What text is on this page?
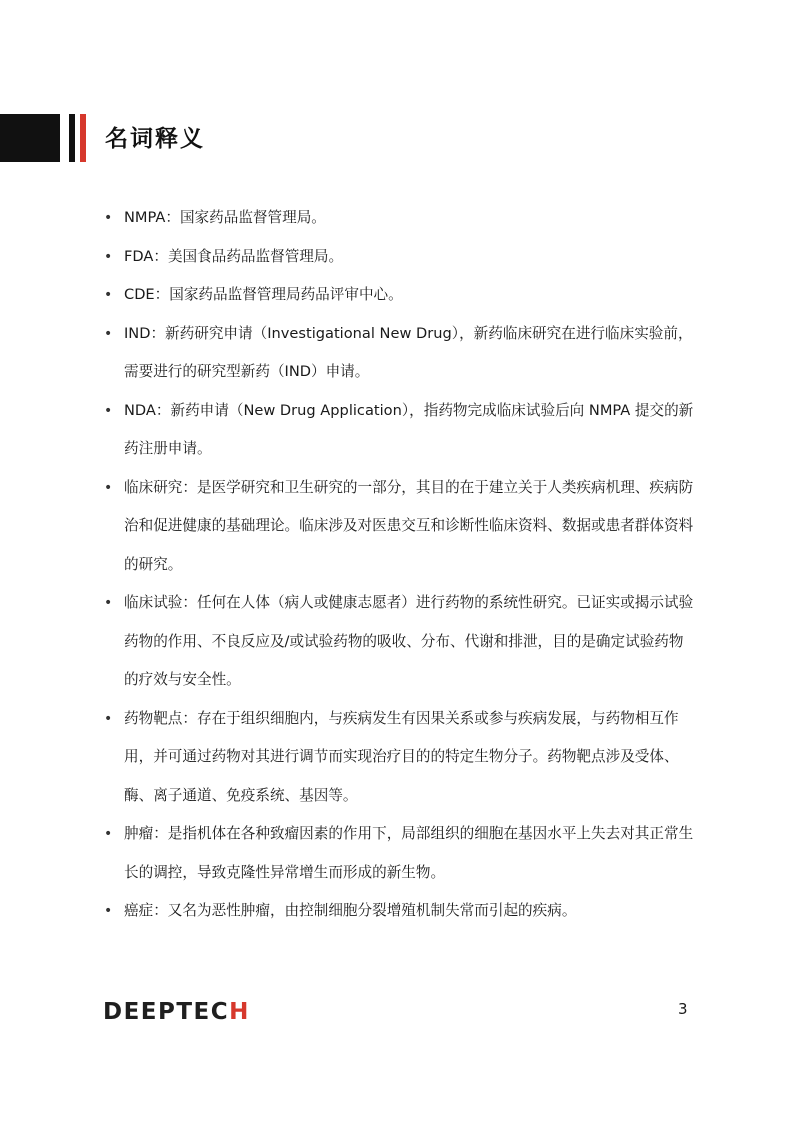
名词释义
• NMPA：国家药品监督管理局。
• FDA：美国食品药品监督管理局。
• CDE：国家药品监督管理局药品评审中心。
• IND：新药研究申请（Investigational New Drug），新药临床研究在进行临床实验前，需要进行的研究型新药（IND）申请。
• NDA：新药申请（New Drug Application），指药物完成临床试验后向 NMPA 提交的新药注册申请。
• 临床研究：是医学研究和卫生研究的一部分，其目的在于建立关于人类疾病机理、疾病防治和促进健康的基础理论。临床涉及对医患交互和诊断性临床资料、数据或患者群体资料的研究。
• 临床试验：任何在人体（病人或健康志愿者）进行药物的系统性研究。已证实或揭示试验药物的作用、不良反应及/或试验药物的吸收、分布、代谢和排泄，目的是确定试验药物的疗效与安全性。
• 药物靶点：存在于组织细胞内，与疾病发生有因果关系或参与疾病发展，与药物相互作用，并可通过药物对其进行调节而实现治疗目的的特定生物分子。药物靶点涉及受体、酶、离子通道、免疫系统、基因等。
• 肿瘤：是指机体在各种致瘤因素的作用下，局部组织的细胞在基因水平上失去对其正常生长的调控，导致克隆性异常增生而形成的新生物。
• 癌症：又名为恶性肿瘤，由控制细胞分裂增殖机制失常而引起的疾病。
DEEPTECH	3
